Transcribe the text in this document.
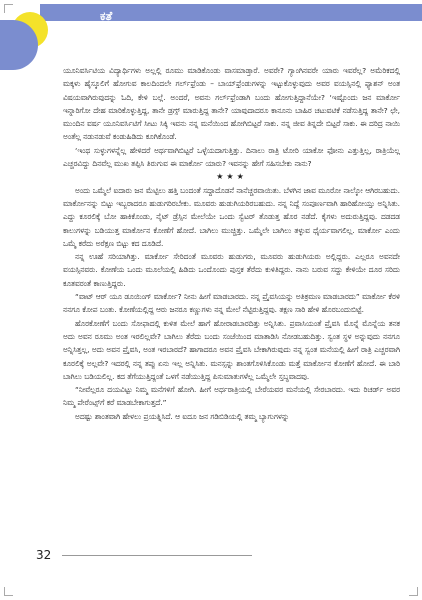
ಕತೆ

ಯೂನಿವರ್ಸಿಟಿಯ ವಿದ್ಯಾರ್ಥಿಗಳು ಅಲ್ಲಲ್ಲಿ ರೂಮು ಮಾಡಿಕೊಂಡು ವಾಸಮಾಡ್ತಾರೆ. ಅವರೇ? ಗ್ಯಾಂಗಿನವರೇ ಯಾರು ಇವರೆಲ್ಲ? ಅಮೆರಿಕದಲ್ಲಿ ಮಕ್ಕಳು ಹೈಸ್ಕೂಲಿಗೆ ಹೋಗುವ ಕಾಲದಿಂದಲೇ ಗರ್ಲ್‌ಫ್ರೆಂಡು – ಬಾಯ್‌ಫ್ರೆಂಡುಗಳನ್ನು ಇಟ್ಟುಕೊಳ್ಳುವುದು ಅವರ ವಯಸ್ಸಿನಲ್ಲಿ ಫ್ಯಾಶನ್ ಅಂತ ವಿಷಯವಾಗಿರುವುದನ್ನು ಓದಿ, ಕೇಳಿ ಬಲ್ಲೆ. ಅಂದರೆ, ಅವನು ಗರ್ಲ್‌ಫ್ರೆಂಡಾಗಿ ಬಂದು ಹೋಗುತ್ತಿದ್ದಾನೆಯೇ? ‘ಇಷ್ಟೊಂದು ಜನ ಮಾರ್ಕೋ ಇನ್ನಾರಿಗೋ ದೇಹ ಮಾರಿಕೊಳ್ಳುತ್ತಿದ್ದ, ತಾನೇ ಡ್ರಗ್ಸ್ ಮಾರುತ್ತಿದ್ದ ತಾನೇ? ಯಾವುದಾದರೂ ಕಾನೂನು ಬಾಹಿರ ಚಟುವಟಿಕೆ ನಡೆಸುತ್ತಿದ್ದ ತಾನೇ? ಛೇ, ಮುಂದಿನ ವರ್ಷ ಯೂನಿವರ್ಸಿಟಿಗೆ ಸೀಟು ಸಿಕ್ಕಿ ಇವನು ನನ್ನ ಮನೆಯಿಂದ ಹೋಗಿಬಿಟ್ಟರೆ ಸಾಕು. ನನ್ನ ಜೀವ ತಿನ್ನದೇ ಬಿಟ್ಟರೆ ಸಾಕು. ಈ ದರಿದ್ರ ನಾಯಿ ಅಂತೆಲ್ಲ ನಡುನಡುವೆ ಕಂಡುಹಿಡಿದು ಕೂಗಿಕೊಂಡೆ.

‘ಇಂಥ ಸುಳ್ಳುಗಳನ್ನೆಲ್ಲ ಹೇಳಿದರೆ ಅರ್ಥವಾಗಿಬಿಟ್ಟರೆ ಒಳ್ಳೆಯದಾಗುತ್ತಿತ್ತು. ದಿನಾಲು ರಾತ್ರಿ ಟೋರಿ ಯಾಕೋ ಫೋನು ಎತ್ತುತ್ತಿಲ್ಲ, ರಾತ್ರಿಯೆಲ್ಲ ಎಚ್ಚರವಿದ್ದು ದಿನವೆಲ್ಲ ಮುಖ ತಪ್ಪಿಸಿ ತಿರುಗುವ ಈ ಮಾರ್ಕೋ ಯಾರು? ಇವನನ್ನು ಹೇಗೆ ಸಹಿಸಬೇಕು ನಾನು?

★★★

ಅಂದು ಒಮ್ಮೆಲೆ ಐದಾರು ಜನ ಮೆಟ್ಟಿಲು ಹತ್ತಿ ಬಂದಂತೆ ಸದ್ದಾದೊಡನೆ ನಾನೆಚ್ಚರವಾಯಿತು. ಬೆಳಗಿನ ಜಾವ ಮೂರೋ ನಾಲ್ಕೋ ಆಗಿರಬಹುದು. ಮಾರ್ಕೋನನ್ನು ಬಿಟ್ಟು ಇಬ್ಬರಾದರೂ ಹುಡುಗರಿರಬೇಕು. ಮೂವರು ಹುಡುಗಿಯರಿರಬಹುದು. ನನ್ನ ನಿದ್ದೆ ಸಂಪೂರ್ಣವಾಗಿ ಹಾರಿಹೋಯ್ತು ಅನ್ನಿಸಿತು. ಎದ್ದು ಕೂರಲಿಕ್ಕೆ ಬೋ ಹಾಕಿಕೊಂಡು, ನೈಟ್ ಡ್ರೆಸ್ಸಿನ ಮೇಲೆಯೇ ಒಂದು ಸ್ವೆಟರ್ ತೊಡುತ್ತ ಹೊರ ನಡೆದೆ. ಕೈಗಳು ಅದುರುತ್ತಿದ್ದವು. ದಡದಡ ಕಾಲುಗಳನ್ನು ಬಡಿಯುತ್ತ ಮಾರ್ಕೋನ ಕೋಣೆಗೆ ಹೋದೆ. ಬಾಗಿಲು ಮುಚ್ಚಿತ್ತು. ಒಮ್ಮೆಲೇ ಬಾಗಿಲು ತಳ್ಳುವ ಧೈರ್ಯವಾಗಲಿಲ್ಲ. ಮಾರ್ಕೋ ಎಂದು ಒಮ್ಮೆ ಕರೆದು ಅರೆಕ್ಷಣ ಬಿಟ್ಟು ಕದ ದೂಡಿದೆ.

ನನ್ನ ಊಹೆ ಸರಿಯಾಗಿತ್ತು. ಮಾರ್ಕೋ ಸೇರಿದಂತೆ ಮೂವರು ಹುಡುಗರು, ಮೂವರು ಹುಡುಗಿಯರು ಅಲ್ಲಿದ್ದರು. ಎಲ್ಲರೂ ಅವನದೇ ವಯಸ್ಸಿನವರು. ಕೋಣೆಯ ಒಂದು ಮೂಲೆಯಲ್ಲಿ ಹಿಡಿದು ಒಂದೊಂದು ಪುಸ್ತಕ ತೆರೆದು ಕುಳಿತಿದ್ದರು. ನಾನು ಬರುವ ಸದ್ದು ಕೇಳಿಯೇ ದೂರ ಸರಿದು ಕೂತವರಂತೆ ಕಾಣುತ್ತಿದ್ದರು.

“ವಾಟ್ ಆರ್ ಯೂ ಡೂಯಿಂಗ್ ಮಾರ್ಕೋ? ನೀನು ಹೀಗೆ ಮಾಡಬಾರದು. ನನ್ನ ಪ್ರೈವಸಿಯನ್ನು ಅತಿಕ್ರಮಣ ಮಾಡಬಾರದು” ಮಾರ್ಕೋ ಕೆರಳಿ ನನಗೂ ಕೋಪ ಬಂತು. ಕೋಣೆಯಲ್ಲಿದ್ದ ಆರು ಜನರೂ ಕಣ್ಣುಗಳು ನನ್ನ ಮೇಲೆ ನೆಟ್ಟಿರುತ್ತಿದ್ದವು. ತಕ್ಷಣ ಸಾರಿ ಹೇಳಿ ಹೊರಬಂದುಬಿಟ್ಟೆ.

ಹೊರಕೋಣೆಗೆ ಬಂದು ಸೋಫಾದಲ್ಲಿ ಕುಳಿತ ಮೇಲೆ ಹಾಗೆ ಹೋರಾಡಬಾರದಿತ್ತು ಅನ್ನಿಸಿತು. ಪ್ರವಾಸಿಯಂತೆ ಪ್ರೈವಸಿ ಮೊನ್ನೆ ಮೊನ್ನೆಯ ತನಕ ಅದು ಅವನ ರೂಮು ಅಂತ ಇರಲಿಲ್ಲವೇ? ಬಾಗಿಲು ತೆರೆದು ಬಂದು ಸಂಜೆಯಿಂದ ಮಾತಾಡಿಸಿ ನೋಡಬಹುದಿತ್ತು. ಸ್ವಂತ ಸ್ಥಳ ಅನ್ನುವುದು ನನಗೂ ಅನ್ನಿಸಿತ್ತಲ್ಲ, ಅದು ಅವನ ಪ್ರೈವಸಿ, ಅಂತ ಇರಬಾರದೆ? ಹಾಗಾದರೂ ಅವನ ಪ್ರೈವಸಿ ಬೇಕಾಗಿರುವುದು ನನ್ನ ಸ್ವಂತ ಮನೆಯಲ್ಲಿ ಹೀಗೆ ರಾತ್ರಿ ಎಚ್ಚರವಾಗಿ ಕೂರಲಿಕ್ಕೆ ಅಲ್ಲವೇ? ಇದರಲ್ಲಿ ನನ್ನ ತಪ್ಪು ಏನು ಇಲ್ಲ ಅನ್ನಿಸಿತು. ಮನಸ್ಸನ್ನು ಶಾಂತಗೊಳಿಸಿಕೊಂಡು ಮತ್ತೆ ಮಾರ್ಕೋನ ಕೋಣೆಗೆ ಹೋದೆ. ಈ ಬಾರಿ ಬಾಗಿಲು ಬಡಿಯಲಿಲ್ಲ. ಕದ ತೆಗೆಯುತ್ತಿದ್ದಂತೆ ಒಳಗೆ ನಡೆಯುತ್ತಿದ್ದ ಪಿಸುಮಾತುಗಳೆಲ್ಲ ಒಮ್ಮೆಲೇ ಸ್ತಬ್ಧವಾದವು.

“ನೀವೆಲ್ಲರೂ ದಯವಿಟ್ಟು ನಿಮ್ಮ ಮನೆಗಳಿಗೆ ಹೋಗಿ. ಹೀಗೆ ಅರ್ಧರಾತ್ರಿಯಲ್ಲಿ ಬೇರೆಯವರ ಮನೆಯಲ್ಲಿ ಸೇರಬಾರದು. ಇದು ರಿಚರ್ಡ್ ಅವರ ನಿಮ್ಮ ಪೇರೆಂಟ್ಸ್‌ಗೆ ಕರೆ ಮಾಡಬೇಕಾಗುತ್ತದೆ.”

ಅದಷ್ಟು ಶಾಂತವಾಗಿ ಹೇಳಲು ಪ್ರಯತ್ನಿಸಿದೆ. ಆ ಐದೂ ಜನ ಗಡಿಬಿಡಿಯಲ್ಲಿ ತಮ್ಮ ಬ್ಯಾಗುಗಳನ್ನು

32
